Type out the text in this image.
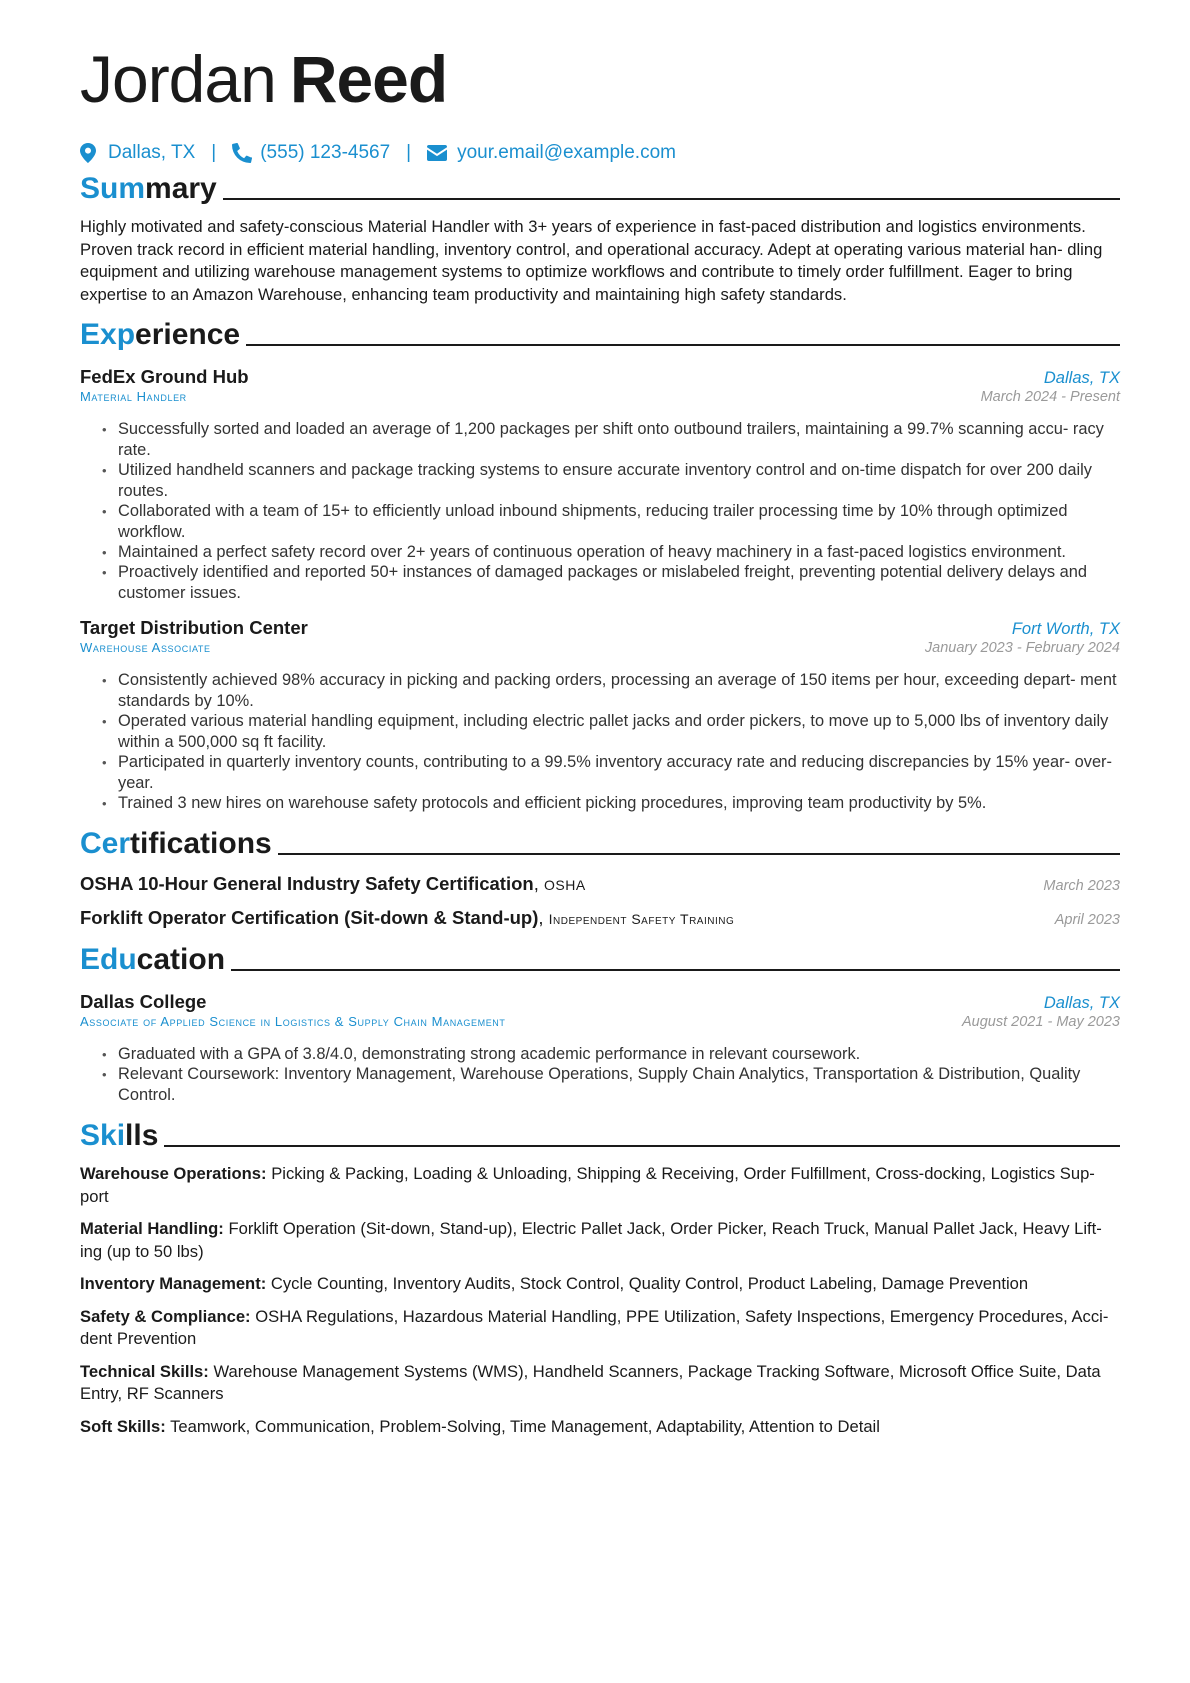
Jordan Reed
Dallas, TX | (555) 123-4567 | your.email@example.com
Summary
Highly motivated and safety-conscious Material Handler with 3+ years of experience in fast-paced distribution and logistics environments. Proven track record in efficient material handling, inventory control, and operational accuracy. Adept at operating various material han- dling equipment and utilizing warehouse management systems to optimize workflows and contribute to timely order fulfillment. Eager to bring expertise to an Amazon Warehouse, enhancing team productivity and maintaining high safety standards.
Experience
FedEx Ground Hub	Dallas, TX
Material Handler	March 2024 - Present
• Successfully sorted and loaded an average of 1,200 packages per shift onto outbound trailers, maintaining a 99.7% scanning accu- racy rate.
• Utilized handheld scanners and package tracking systems to ensure accurate inventory control and on-time dispatch for over 200 daily routes.
• Collaborated with a team of 15+ to efficiently unload inbound shipments, reducing trailer processing time by 10% through optimized workflow.
• Maintained a perfect safety record over 2+ years of continuous operation of heavy machinery in a fast-paced logistics environment.
• Proactively identified and reported 50+ instances of damaged packages or mislabeled freight, preventing potential delivery delays and customer issues.
Target Distribution Center	Fort Worth, TX
Warehouse Associate	January 2023 - February 2024
• Consistently achieved 98% accuracy in picking and packing orders, processing an average of 150 items per hour, exceeding depart- ment standards by 10%.
• Operated various material handling equipment, including electric pallet jacks and order pickers, to move up to 5,000 lbs of inventory daily within a 500,000 sq ft facility.
• Participated in quarterly inventory counts, contributing to a 99.5% inventory accuracy rate and reducing discrepancies by 15% year- over-year.
• Trained 3 new hires on warehouse safety protocols and efficient picking procedures, improving team productivity by 5%.
Certifications
OSHA 10-Hour General Industry Safety Certification, OSHA	March 2023
Forklift Operator Certification (Sit-down & Stand-up), Independent Safety Training	April 2023
Education
Dallas College	Dallas, TX
Associate of Applied Science in Logistics & Supply Chain Management	August 2021 - May 2023
• Graduated with a GPA of 3.8/4.0, demonstrating strong academic performance in relevant coursework.
• Relevant Coursework: Inventory Management, Warehouse Operations, Supply Chain Analytics, Transportation & Distribution, Quality Control.
Skills
Warehouse Operations: Picking & Packing, Loading & Unloading, Shipping & Receiving, Order Fulfillment, Cross-docking, Logistics Sup- port
Material Handling: Forklift Operation (Sit-down, Stand-up), Electric Pallet Jack, Order Picker, Reach Truck, Manual Pallet Jack, Heavy Lift- ing (up to 50 lbs)
Inventory Management: Cycle Counting, Inventory Audits, Stock Control, Quality Control, Product Labeling, Damage Prevention
Safety & Compliance: OSHA Regulations, Hazardous Material Handling, PPE Utilization, Safety Inspections, Emergency Procedures, Acci- dent Prevention
Technical Skills: Warehouse Management Systems (WMS), Handheld Scanners, Package Tracking Software, Microsoft Office Suite, Data Entry, RF Scanners
Soft Skills: Teamwork, Communication, Problem-Solving, Time Management, Adaptability, Attention to Detail
